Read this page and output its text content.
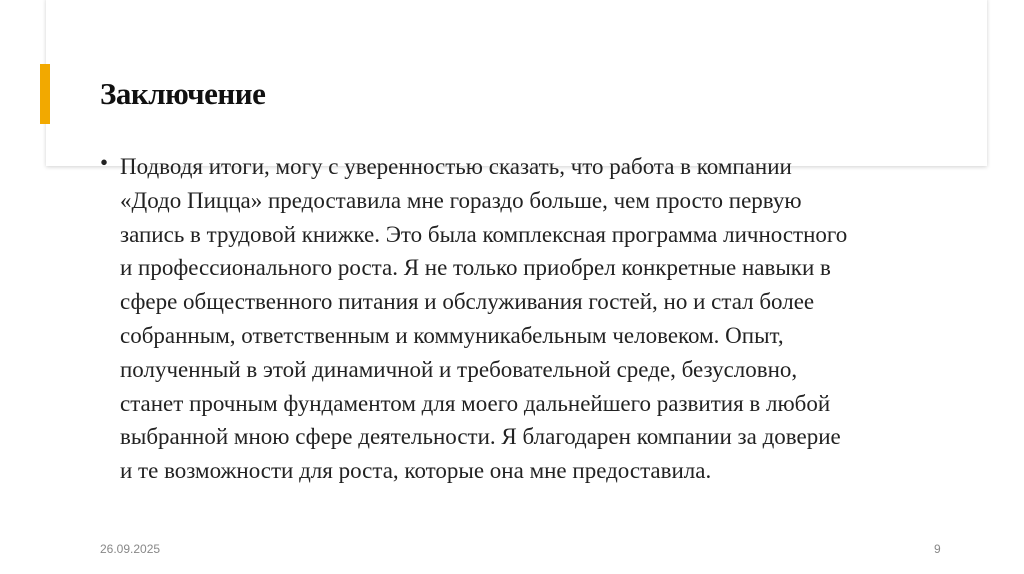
Заключение
• Подводя итоги, могу с уверенностью сказать, что работа в компании
«Додо Пицца» предоставила мне гораздо больше, чем просто первую
запись в трудовой книжке. Это была комплексная программа личностного
и профессионального роста. Я не только приобрел конкретные навыки в
сфере общественного питания и обслуживания гостей, но и стал более
собранным, ответственным и коммуникабельным человеком. Опыт,
полученный в этой динамичной и требовательной среде, безусловно,
станет прочным фундаментом для моего дальнейшего развития в любой
выбранной мною сфере деятельности. Я благодарен компании за доверие
и те возможности для роста, которые она мне предоставила.
26.09.2025	9
